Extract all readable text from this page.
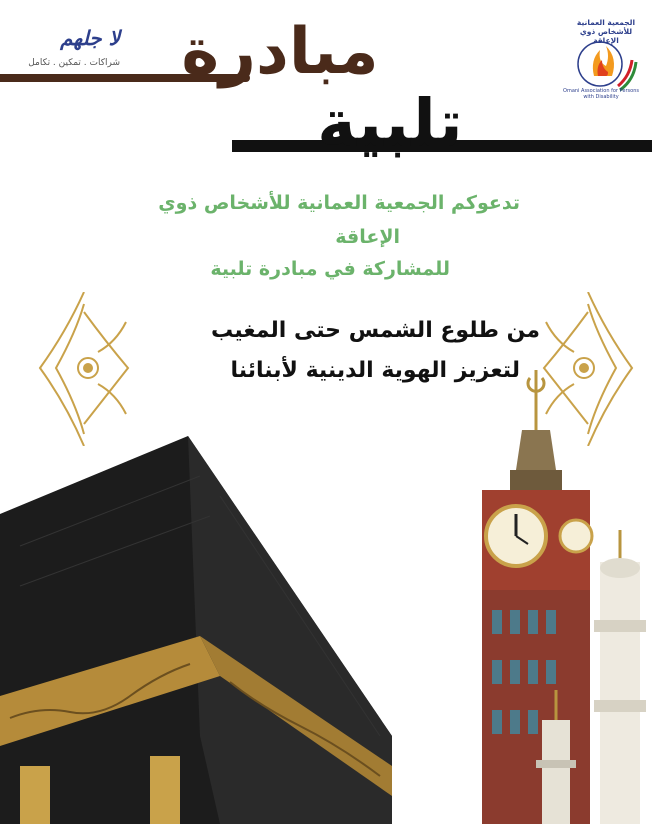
لا جلهم
شراكات . تمكين . تكامل
الجمعية العمانية للأشخاص ذوي الإعاقة
Omani Association for Persons with Disability
مبادرة
تلبية
تدعوكم الجمعية العمانية للأشخاص ذوي
الإعاقة
للمشاركة في مبادرة تلبية
من طلوع الشمس حتى المغيب
لتعزيز الهوية الدينية لأبنائنا
